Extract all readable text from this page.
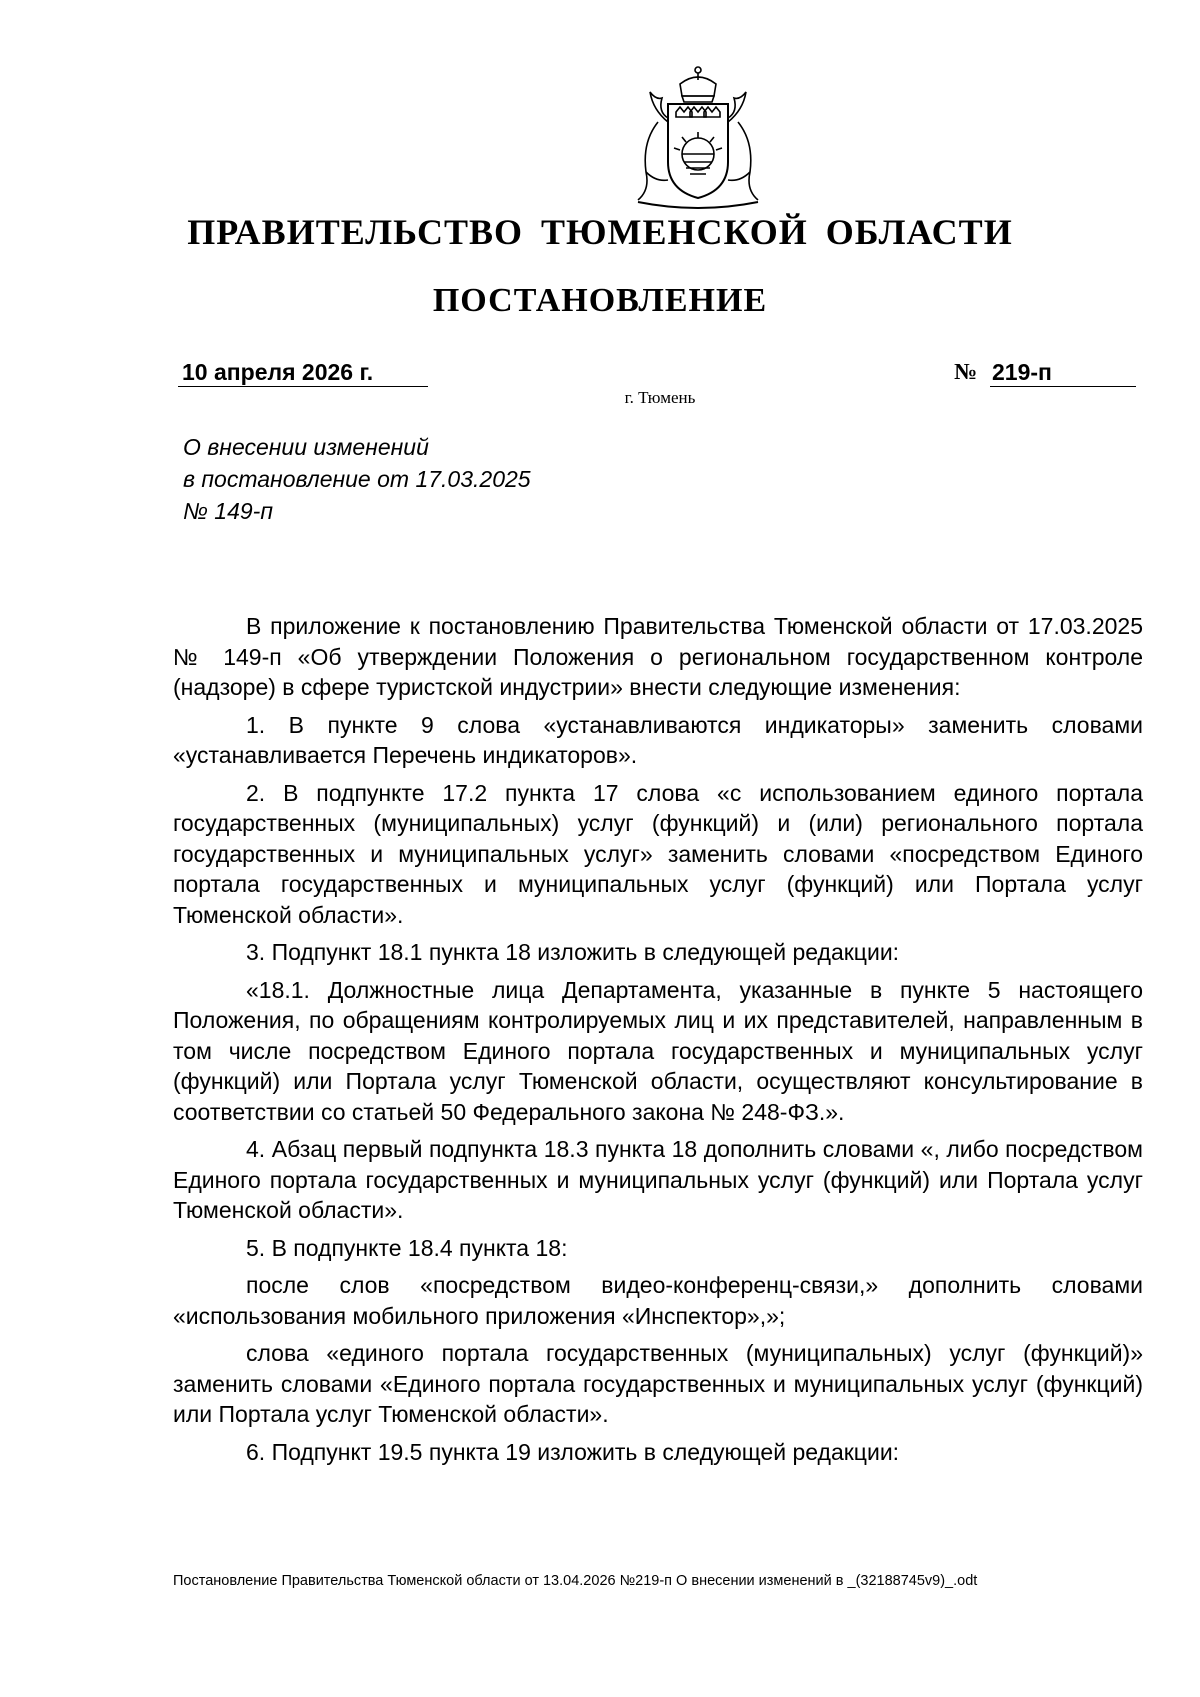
ПРАВИТЕЛЬСТВО ТЮМЕНСКОЙ ОБЛАСТИ
ПОСТАНОВЛЕНИЕ
10 апреля 2026 г.	№ 219-п

г. Тюмень

О внесении изменений
в постановление от 17.03.2025
№ 149-п

В приложение к постановлению Правительства Тюменской области от 17.03.2025 № 149-п «Об утверждении Положения о региональном государственном контроле (надзоре) в сфере туристской индустрии» внести следующие изменения:

1. В пункте 9 слова «устанавливаются индикаторы» заменить словами «устанавливается Перечень индикаторов».

2. В подпункте 17.2 пункта 17 слова «с использованием единого портала государственных (муниципальных) услуг (функций) и (или) регионального портала государственных и муниципальных услуг» заменить словами «посредством Единого портала государственных и муниципальных услуг (функций) или Портала услуг Тюменской области».

3. Подпункт 18.1 пункта 18 изложить в следующей редакции:

«18.1. Должностные лица Департамента, указанные в пункте 5 настоящего Положения, по обращениям контролируемых лиц и их представителей, направленным в том числе посредством Единого портала государственных и муниципальных услуг (функций) или Портала услуг Тюменской области, осуществляют консультирование в соответствии со статьей 50 Федерального закона № 248-ФЗ.».

4. Абзац первый подпункта 18.3 пункта 18 дополнить словами «, либо посредством Единого портала государственных и муниципальных услуг (функций) или Портала услуг Тюменской области».

5. В подпункте 18.4 пункта 18:

после слов «посредством видео-конференц-связи,» дополнить словами «использования мобильного приложения «Инспектор»,»;

слова «единого портала государственных (муниципальных) услуг (функций)» заменить словами «Единого портала государственных и муниципальных услуг (функций) или Портала услуг Тюменской области».

6. Подпункт 19.5 пункта 19 изложить в следующей редакции:

Постановление Правительства Тюменской области от 13.04.2026 №219-п О внесении изменений в _(32188745v9)_.odt
